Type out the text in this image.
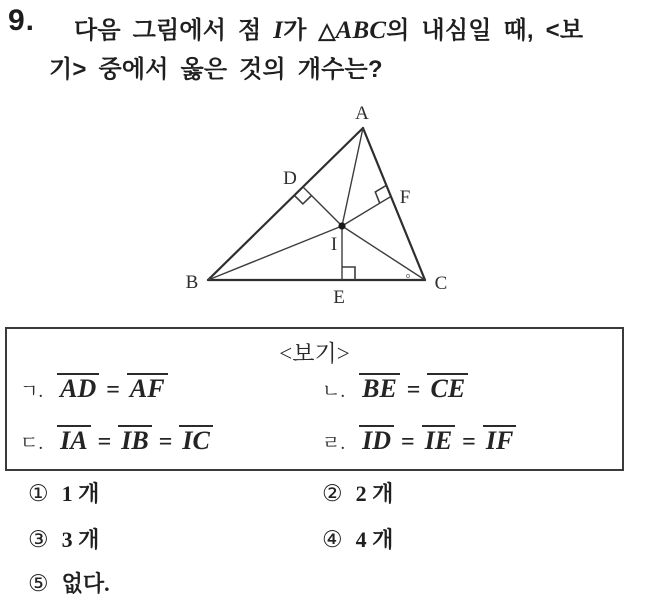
9. 다음 그림에서 점 I가 △ABC의 내심일 때, <보
기> 중에서 옳은 것의 개수는?
A
B	C
D
E
F
I
<보기>
ㄱ. AD = AF	ㄴ. BE = CE
ㄷ. IA = IB = IC	ㄹ. ID = IE = IF
① 1 개	② 2 개
③ 3 개	④ 4 개
⑤ 없다.
